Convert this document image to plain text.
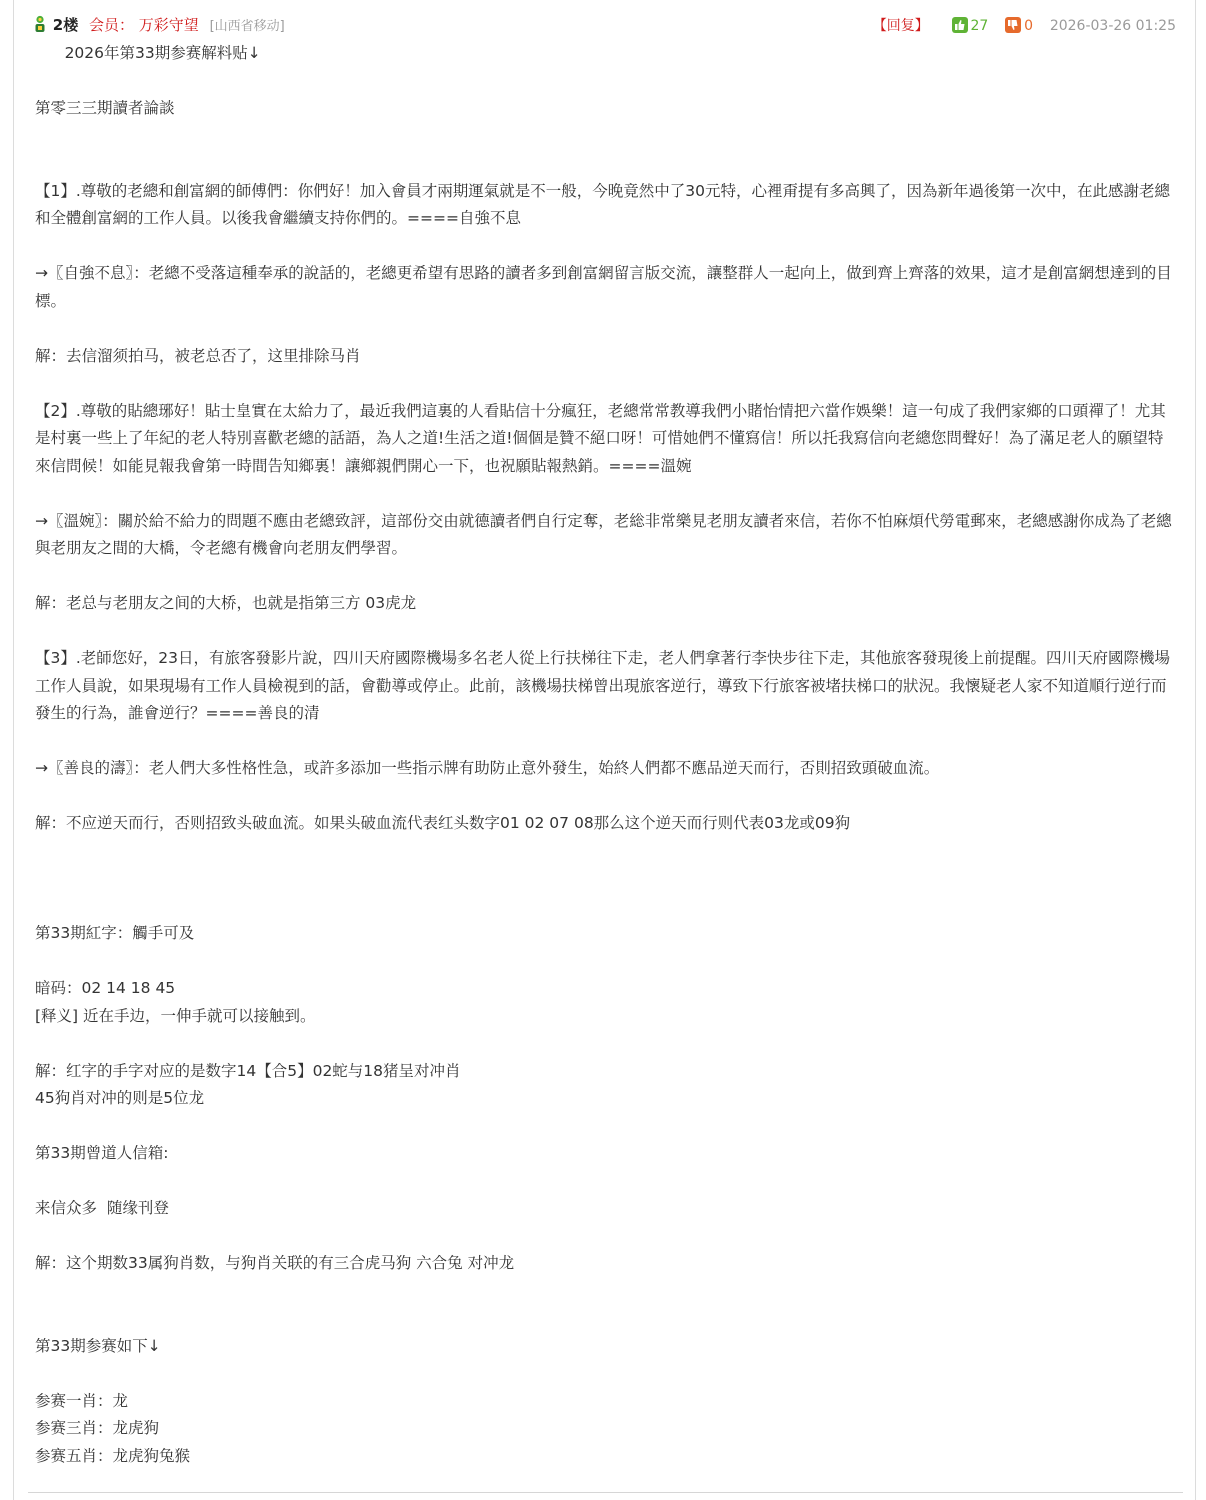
2楼 会员： 万彩守望 [山西省移动]	【回复】	27	0 2026-03-26 01:25

2026年第33期参赛解料贴↓

第零三三期讀者論談

【1】.尊敬的老總和創富網的師傅們：你們好！加入會員才兩期運氣就是不一般，今晚竟然中了30元特，心裡甭提有多高興了，因為新年過後第一次中，在此感謝老總和全體創富網的工作人員。以後我會繼續支持你們的。====自強不息

→〖自強不息〗：老總不受落這種奉承的說話的，老總更希望有思路的讀者多到創富網留言版交流，讓整群人一起向上，做到齊上齊落的效果，這才是創富網想達到的目標。

解：去信溜须拍马，被老总否了，这里排除马肖

【2】.尊敬的貼總琊好！貼士皇實在太給力了，最近我們這裏的人看貼信十分瘋狂，老總常常教導我們小賭怡情把六當作娛樂！這一句成了我們家鄉的口頭禪了！尤其是村裏一些上了年紀的老人特別喜歡老總的話語，為人之道!生活之道!個個是贊不絕口呀！可惜她們不懂寫信！所以托我寫信向老總您問聲好！為了滿足老人的願望特來信問候！如能見報我會第一時間告知鄉裏！讓鄉親們開心一下，也祝願貼報熱銷。====溫婉

→〖溫婉〗：關於給不給力的問題不應由老總致評，這部份交由就德讀者們自行定奪，老総非常樂見老朋友讀者來信，若你不怕麻煩代勞電郵來，老總感謝你成為了老總與老朋友之間的大橋，令老總有機會向老朋友們學習。

解：老总与老朋友之间的大桥，也就是指第三方 03虎龙

【3】.老師您好，23日，有旅客發影片說，四川天府國際機場多名老人從上行扶梯往下走，老人們拿著行李快步往下走，其他旅客發現後上前提醒。四川天府國際機場工作人員說，如果現場有工作人員檢視到的話，會勸導或停止。此前，該機場扶梯曾出現旅客逆行，導致下行旅客被堵扶梯口的狀況。我懷疑老人家不知道順行逆行而發生的行為，誰會逆行？====善良的清

→〖善良的濤〗：老人們大多性格性急，或許多添加一些指示牌有助防止意外發生，始終人們都不應品逆天而行，否則招致頭破血流。

解：不应逆天而行，否则招致头破血流。如果头破血流代表红头数字01 02 07 08那么这个逆天而行则代表03龙或09狗

第33期紅字：觸手可及

暗码：02 14 18 45

[释义] 近在手边，一伸手就可以接触到。

解：红字的手字对应的是数字14【合5】02蛇与18猪呈对冲肖

45狗肖对冲的则是5位龙

第33期曾道人信箱:

来信众多  随缘刊登

解：这个期数33属狗肖数，与狗肖关联的有三合虎马狗 六合兔 对冲龙

第33期参赛如下↓

参赛一肖：龙

参赛三肖：龙虎狗

参赛五肖：龙虎狗兔猴
